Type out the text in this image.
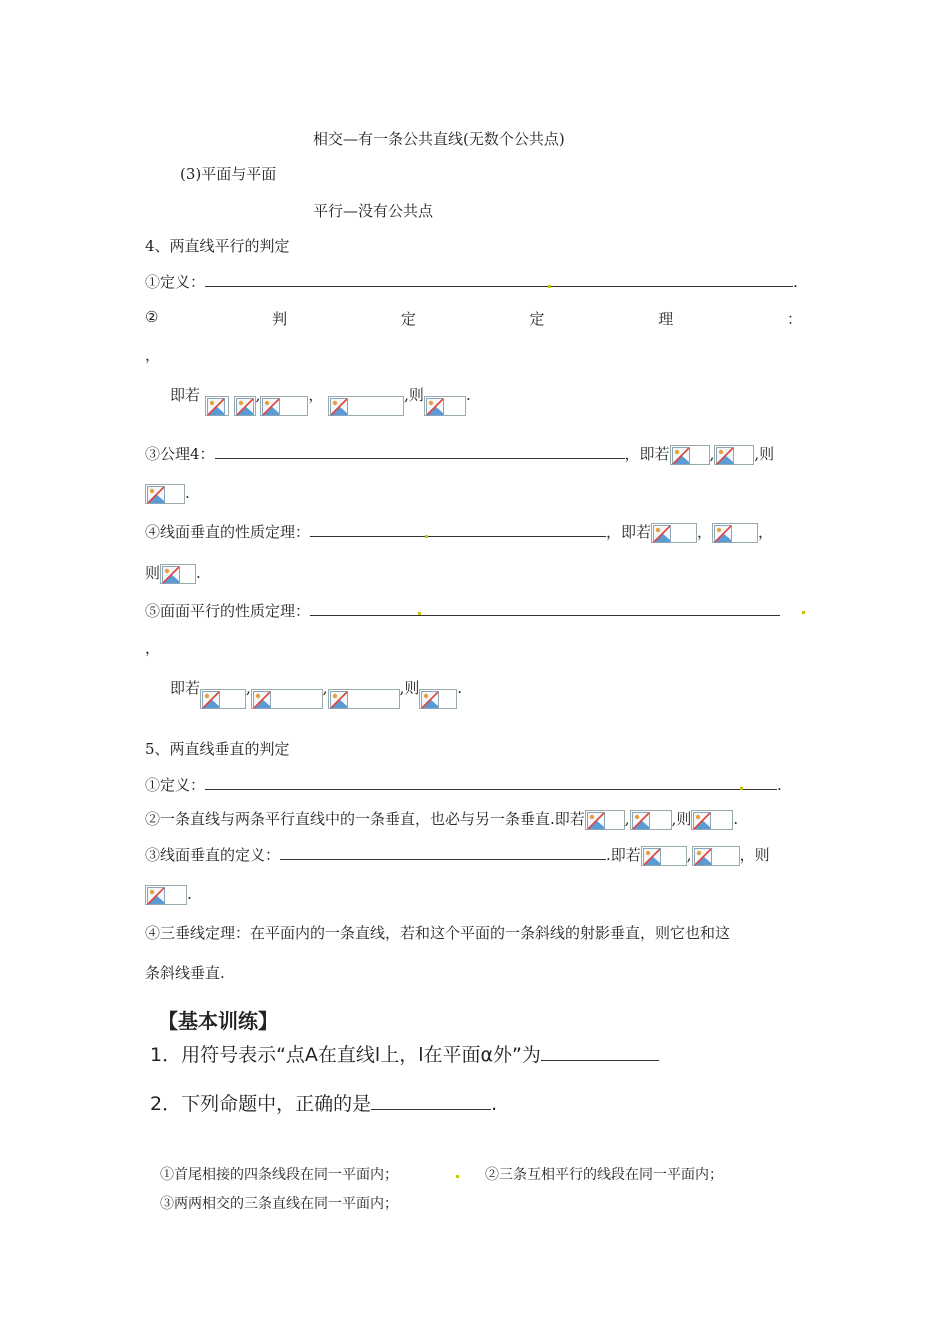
相交—有一条公共直线(无数个公共点)
(3)平面与平面
平行—没有公共点
4、两直线平行的判定
①定义：	.
②	判	定	定	理	：
，
即若
	,	，	,则	.
③公理4：	，即若	,	,则
.
④线面垂直的性质定理：	，即若	，	，
则 .
⑤面面平行的性质定理：
，
即若	,	,	,则	.
5、两直线垂直的判定
①定义：	.
②一条直线与两条平行直线中的一条垂直，也必与另一条垂直.即若	,	,则	.
③线面垂直的定义：	.即若	,	，则
.
④三垂线定理：在平面内的一条直线，若和这个平面的一条斜线的射影垂直，则它也和这
条斜线垂直.
【基本训练】
1．用符号表示“点A在直线l上，l在平面α外”为
2．下列命题中，正确的是	.
①首尾相接的四条线段在同一平面内；	②三条互相平行的线段在同一平面内；
③两两相交的三条直线在同一平面内；
